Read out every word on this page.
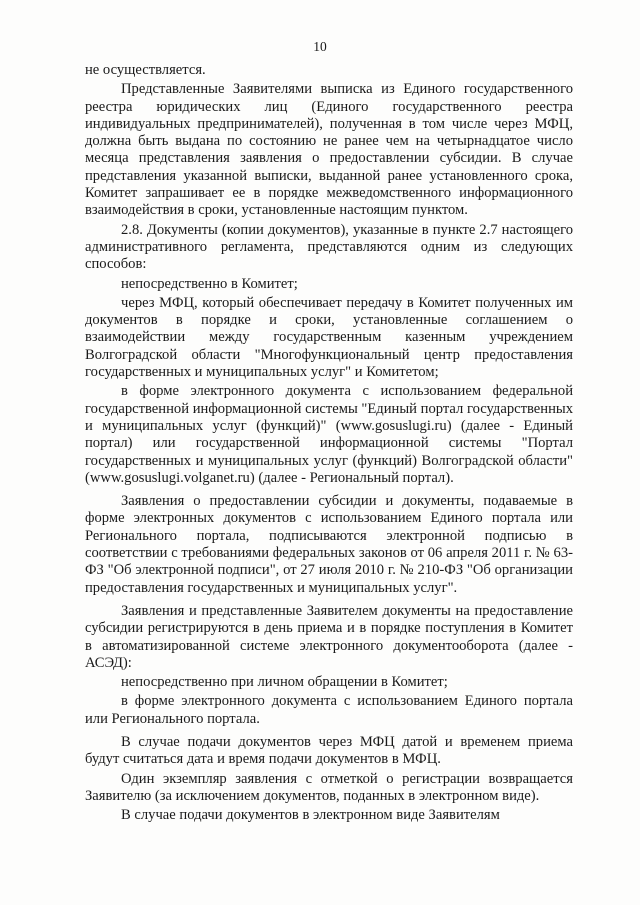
10

не осуществляется.

Представленные Заявителями выписка из Единого государственного реестра юридических лиц (Единого государственного реестра индивидуальных предпринимателей), полученная в том числе через МФЦ, должна быть выдана по состоянию не ранее чем на четырнадцатое число месяца представления заявления о предоставлении субсидии. В случае представления указанной выписки, выданной ранее установленного срока, Комитет запрашивает ее в порядке межведомственного информационного взаимодействия в сроки, установленные настоящим пунктом.

2.8. Документы (копии документов), указанные в пункте 2.7 настоящего административного регламента, представляются одним из следующих способов:

непосредственно в Комитет;

через МФЦ, который обеспечивает передачу в Комитет полученных им документов в порядке и сроки, установленные соглашением о взаимодействии между государственным казенным учреждением Волгоградской области "Многофункциональный центр предоставления государственных и муниципальных услуг" и Комитетом;

в форме электронного документа с использованием федеральной государственной информационной системы "Единый портал государственных и муниципальных услуг (функций)" (www.gosuslugi.ru) (далее - Единый портал) или государственной информационной системы "Портал государственных и муниципальных услуг (функций) Волгоградской области" (www.gosuslugi.volganet.ru) (далее - Региональный портал).

Заявления о предоставлении субсидии и документы, подаваемые в форме электронных документов с использованием Единого портала или Регионального портала, подписываются электронной подписью в соответствии с требованиями федеральных законов от 06 апреля 2011 г. № 63-ФЗ "Об электронной подписи", от 27 июля 2010 г. № 210-ФЗ "Об организации предоставления государственных и муниципальных услуг".

Заявления и представленные Заявителем документы на предоставление субсидии регистрируются в день приема и в порядке поступления в Комитет в автоматизированной системе электронного документооборота (далее - АСЭД):

непосредственно при личном обращении в Комитет;

в форме электронного документа с использованием Единого портала или Регионального портала.

В случае подачи документов через МФЦ датой и временем приема будут считаться дата и время подачи документов в МФЦ.

Один экземпляр заявления с отметкой о регистрации возвращается Заявителю (за исключением документов, поданных в электронном виде).

В случае подачи документов в электронном виде Заявителям
